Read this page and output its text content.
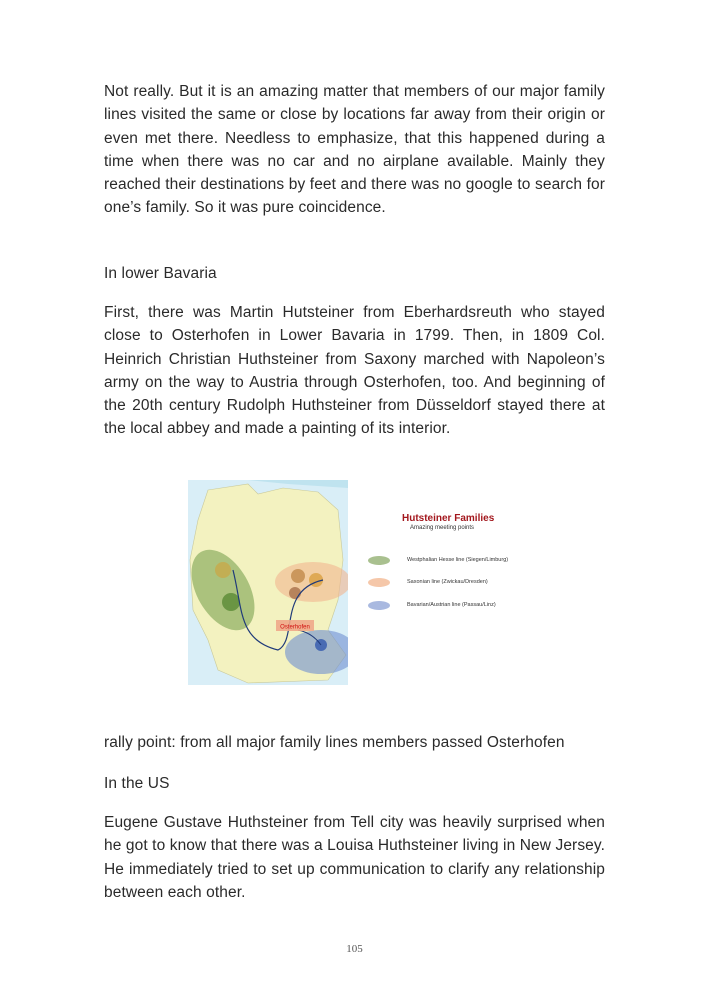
Not really. But it is an amazing matter that members of our major family lines visited the same or close by locations far away from their origin or even met there. Needless to emphasize, that this happened during a time when there was no car and no airplane available. Mainly they reached their destinations by feet and there was no google to search for one’s family. So it was pure coincidence.
In lower Bavaria
First, there was Martin Hutsteiner from Eberhardsreuth who stayed close to Osterhofen in Lower Bavaria in 1799. Then, in 1809 Col. Heinrich Christian Huthsteiner from Saxony marched with Napoleon’s army on the way to Austria through Osterhofen, too. And beginning of the 20th century Rudolph Huthsteiner from Düsseldorf stayed there at the local abbey and made a painting of its interior.
Osterhofen
Hutsteiner Families
Amazing meeting points
Westphalian Hesse line (Siegen/Limburg)
Saxonian line (Zwickau/Dresden)
Bavarian/Austrian line (Passau/Linz)
rally point: from all major family lines members passed Osterhofen
In the US
Eugene Gustave Huthsteiner from Tell city was heavily surprised when he got to know that there was a Louisa Huthsteiner living in New Jersey. He immediately tried to set up communication to clarify any relationship between each other.
105
